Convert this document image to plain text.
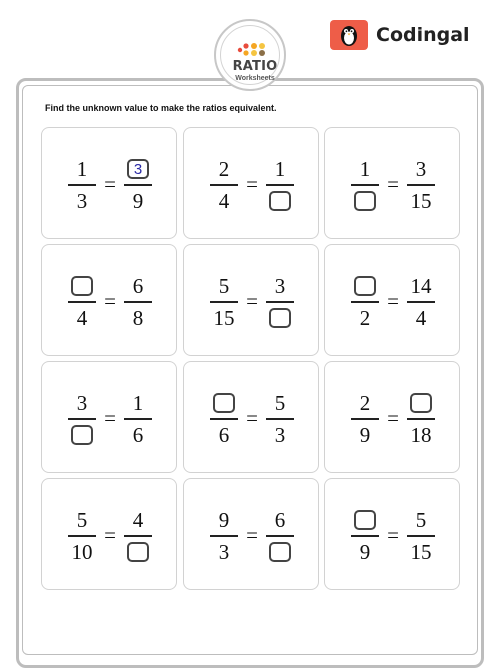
RATIO
Worksheets
Codingal
Find the unknown value to make the ratios equivalent.
1
3
=
3
9
2
4
=
1	1
=
3
15
4
=
6
8
5
15
=
3
2
=
14
4
3
=
1
6	6
=
5
3
2
9
=
18
5
10
=
4	9
3
=
6
9
=
5
15
